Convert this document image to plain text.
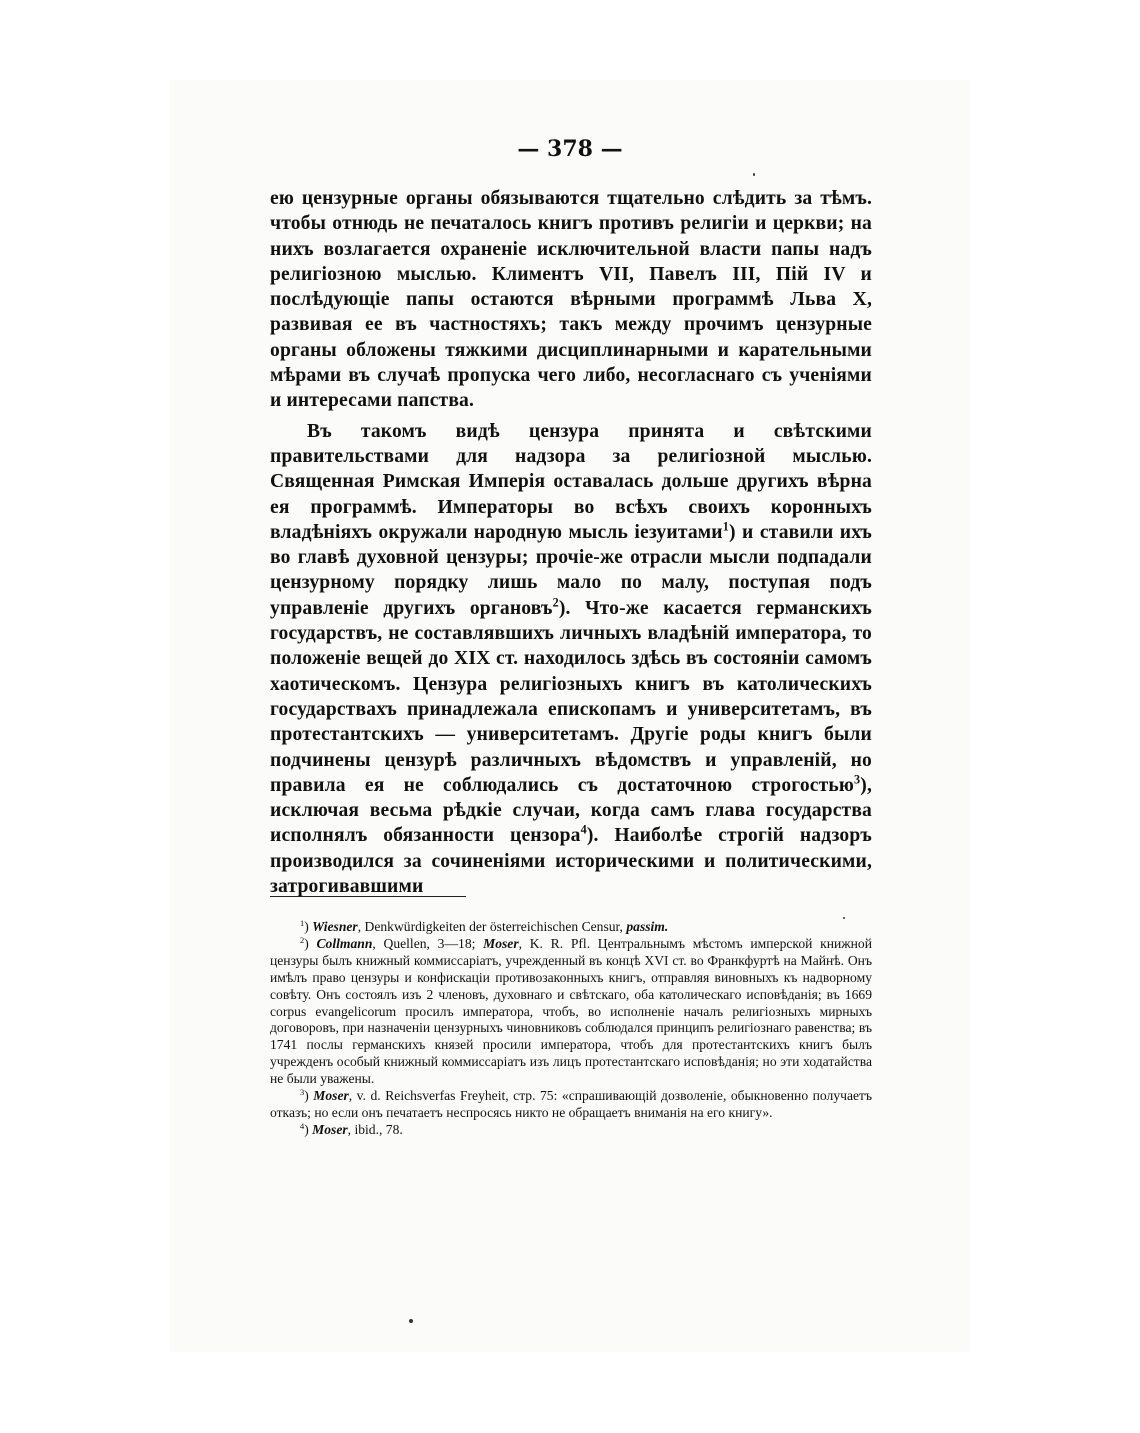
— 378 —

ею цензурные органы обязываются тщательно слѣдить за тѣмъ. чтобы отнюдь не печаталось книгъ противъ религіи и церкви; на нихъ возлагается охраненіе исключительной власти папы надъ религіозною мыслью. Климентъ VII, Павелъ III, Пій IV и послѣдующіе папы остаются вѣрными программѣ Льва X, развивая ее въ частностяхъ; такъ между прочимъ цензурные органы обложены тяжкими дисциплинарными и карательными мѣрами въ случаѣ пропуска чего либо, несогласнаго съ ученіями и интересами папства.

Въ такомъ видѣ цензура принята и свѣтскими правительствами для надзора за религіозной мыслью. Священная Римская Имперія оставалась дольше другихъ вѣрна ея программѣ. Императоры во всѣхъ своихъ коронныхъ владѣніяхъ окружали народную мысль іезуитами$^1$) и ставили ихъ во главѣ духовной цензуры; прочіе-же отрасли мысли подпадали цензурному порядку лишь мало по малу, поступая подъ управленіе другихъ органовъ$^2$). Что-же касается германскихъ государствъ, не составлявшихъ личныхъ владѣній императора, то положеніе вещей до XIX ст. находилось здѣсь въ состояніи самомъ хаотическомъ. Цензура религіозныхъ книгъ въ католическихъ государствахъ принадлежала епископамъ и университетамъ, въ протестантскихъ — университетамъ. Другіе роды книгъ были подчинены цензурѣ различныхъ вѣдомствъ и управленій, но правила ея не соблюдались съ достаточною строгостью$^3$), исключая весьма рѣдкіе случаи, когда самъ глава государства исполнялъ обязанности цензора$^4$). Наиболѣе строгій надзоръ производился за сочиненіями историческими и политическими, затрогивавшими

$^1$) Wiesner, Denkwürdigkeiten der österreichischen Censur, passim.

$^2$) Collmann, Quellen, 3—18; Moser, K. R. Pfl. Центральнымъ мѣстомъ имперской книжной цензуры былъ книжный коммиссаріатъ, учрежденный въ концѣ XVI ст. во Франкфуртѣ на Майнѣ. Онъ имѣлъ право цензуры и конфискаціи противозаконныхъ книгъ, отправляя виновныхъ къ надворному совѣту. Онъ состоялъ изъ 2 членовъ, духовнаго и свѣтскаго, оба католическаго исповѣданія; въ 1669 corpus evangelicorum просилъ императора, чтобъ, во исполненіе началъ религіозныхъ мирныхъ договоровъ, при назначеніи цензурныхъ чиновниковъ соблюдался принципъ религіознаго равенства; въ 1741 послы германскихъ князей просили императора, чтобъ для протестантскихъ книгъ былъ учрежденъ особый книжный коммиссаріатъ изъ лицъ протестантскаго исповѣданія; но эти ходатайства не были уважены.

$^3$) Moser, v. d. Reichsverfas Freyheit, стр. 75: «спрашивающій дозволеніе, обыкновенно получаетъ отказъ; но если онъ печатаетъ неспросясь никто не обращаетъ вниманія на его книгу».

$^4$) Moser, ibid., 78.
